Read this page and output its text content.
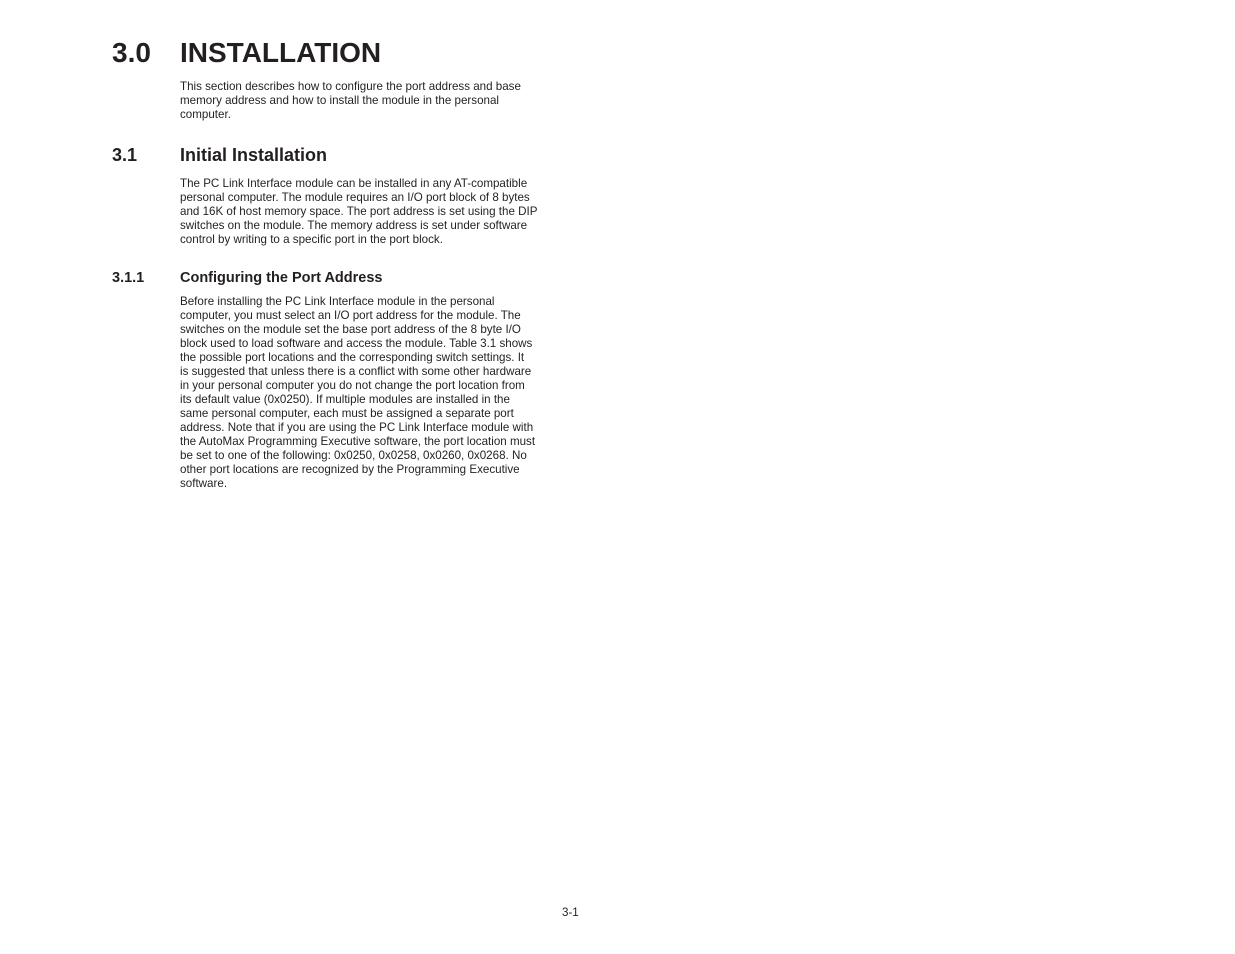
3.0 INSTALLATION
This section describes how to configure the port address and base
memory address and how to install the module in the personal
computer.
3.1 Initial Installation
The PC Link Interface module can be installed in any AT-compatible
personal computer. The module requires an I/O port block of 8 bytes
and 16K of host memory space. The port address is set using the DIP
switches on the module. The memory address is set under software
control by writing to a specific port in the port block.
3.1.1 Configuring the Port Address
Before installing the PC Link Interface module in the personal
computer, you must select an I/O port address for the module. The
switches on the module set the base port address of the 8 byte I/O
block used to load software and access the module. Table 3.1 shows
the possible port locations and the corresponding switch settings. It
is suggested that unless there is a conflict with some other hardware
in your personal computer you do not change the port location from
its default value (0x0250). If multiple modules are installed in the
same personal computer, each must be assigned a separate port
address. Note that if you are using the PC Link Interface module with
the AutoMax Programming Executive software, the port location must
be set to one of the following: 0x0250, 0x0258, 0x0260, 0x0268. No
other port locations are recognized by the Programming Executive
software.
3-1
